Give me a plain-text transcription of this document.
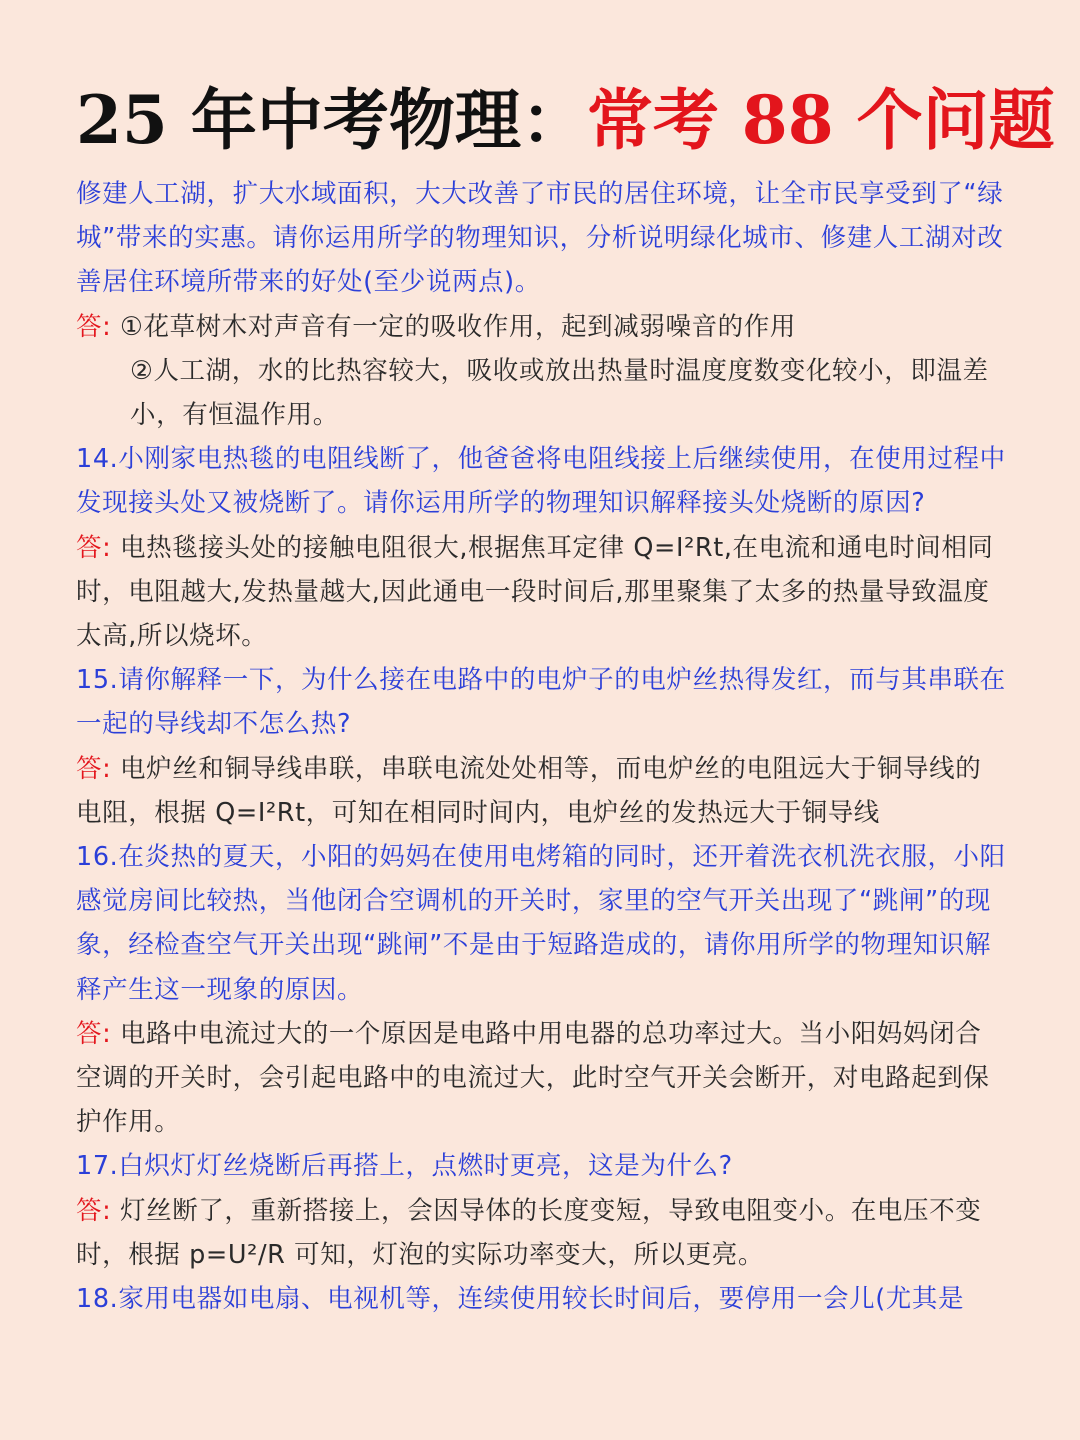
25 年中考物理：常考 88 个问题

修建人工湖，扩大水域面积，大大改善了市民的居住环境，让全市民享受到了“绿城”带来的实惠。请你运用所学的物理知识，分析说明绿化城市、修建人工湖对改善居住环境所带来的好处(至少说两点)。

答: ①花草树木对声音有一定的吸收作用，起到减弱噪音的作用

②人工湖，水的比热容较大，吸收或放出热量时温度度数变化较小，即温差小，有恒温作用。

14.小刚家电热毯的电阻线断了，他爸爸将电阻线接上后继续使用，在使用过程中发现接头处又被烧断了。请你运用所学的物理知识解释接头处烧断的原因?

答: 电热毯接头处的接触电阻很大,根据焦耳定律 Q=I²Rt,在电流和通电时间相同时，电阻越大,发热量越大,因此通电一段时间后,那里聚集了太多的热量导致温度太高,所以烧坏。

15.请你解释一下，为什么接在电路中的电炉子的电炉丝热得发红，而与其串联在一起的导线却不怎么热?

答: 电炉丝和铜导线串联，串联电流处处相等，而电炉丝的电阻远大于铜导线的电阻，根据 Q=I²Rt，可知在相同时间内，电炉丝的发热远大于铜导线

16.在炎热的夏天，小阳的妈妈在使用电烤箱的同时，还开着洗衣机洗衣服，小阳感觉房间比较热，当他闭合空调机的开关时，家里的空气开关出现了“跳闸”的现象，经检查空气开关出现“跳闸”不是由于短路造成的，请你用所学的物理知识解释产生这一现象的原因。

答: 电路中电流过大的一个原因是电路中用电器的总功率过大。当小阳妈妈闭合空调的开关时，会引起电路中的电流过大，此时空气开关会断开，对电路起到保护作用。

17.白炽灯灯丝烧断后再搭上，点燃时更亮，这是为什么?

答: 灯丝断了，重新搭接上，会因导体的长度变短，导致电阻变小。在电压不变时，根据 p=U²/R 可知，灯泡的实际功率变大，所以更亮。

18.家用电器如电扇、电视机等，连续使用较长时间后，要停用一会儿(尤其是
